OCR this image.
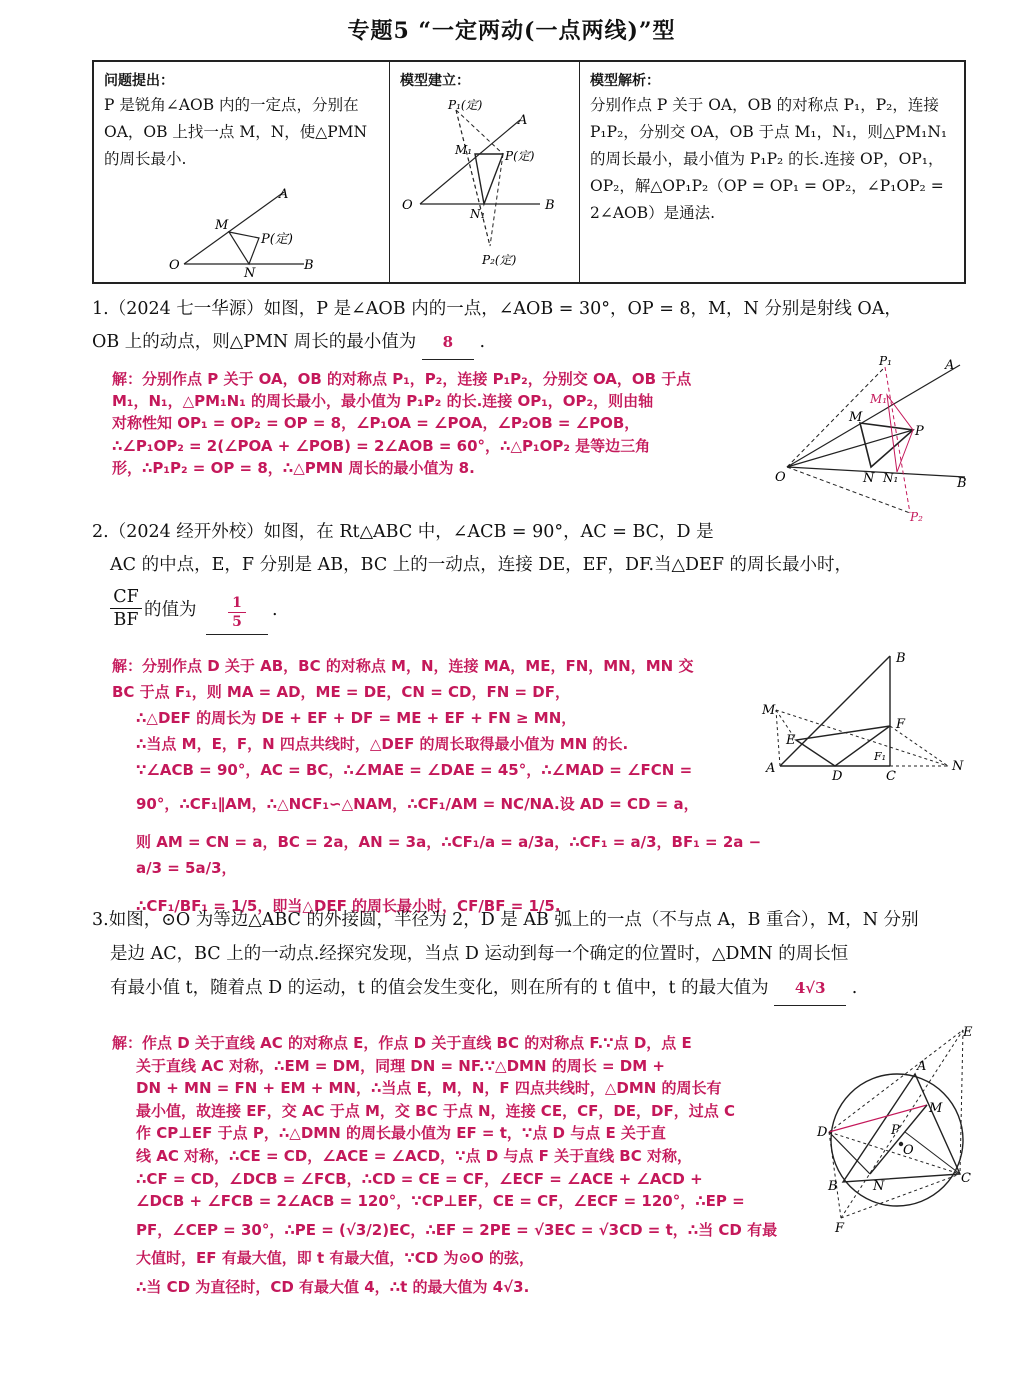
专题5 “一定两动(一点两线)”型
问题提出：
P 是锐角∠AOB 内的一定点，分别在 OA，OB 上找一点 M，N，使△PMN 的周长最小.
O
A
B
M
N
P(定)
模型建立：
O
A
B
P₁(定)
P(定)
M₁
N₁
P₂(定)
模型解析：
分别作点 P 关于 OA，OB 的对称点 P₁，P₂，连接 P₁P₂，分别交 OA，OB 于点 M₁，N₁，则△PM₁N₁ 的周长最小，最小值为 P₁P₂ 的长.连接 OP，OP₁，OP₂，解△OP₁P₂（OP = OP₁ = OP₂，∠P₁OP₂ = 2∠AOB）是通法.
1.（2024 七一华源）如图，P 是∠AOB 内的一点，∠AOB = 30°，OP = 8，M，N 分别是射线 OA，
OB 上的动点，则△PMN 周长的最小值为 8 .
解：分别作点 P 关于 OA，OB 的对称点 P₁，P₂，连接 P₁P₂，分别交 OA，OB 于点
M₁，N₁，△PM₁N₁ 的周长最小，最小值为 P₁P₂ 的长.连接 OP₁，OP₂，则由轴
对称性知 OP₁ = OP₂ = OP = 8，∠P₁OA = ∠POA，∠P₂OB = ∠POB，
∴∠P₁OP₂ = 2(∠POA + ∠POB) = 2∠AOB = 60°，∴△P₁OP₂ 是等边三角
形，∴P₁P₂ = OP = 8，∴△PMN 周长的最小值为 8.
O
A
B
P₁
P
M
M₁
N N₁
P₂
2.（2024 经开外校）如图，在 Rt△ABC 中，∠ACB = 90°，AC = BC，D 是
AC 的中点，E，F 分别是 AB，BC 上的一动点，连接 DE，EF，DF.当△DEF 的周长最小时，
$\frac{CF}{BF}$ 的值为 $\frac{1}{5}$ .
解：分别作点 D 关于 AB，BC 的对称点 M，N，连接 MA，ME，FN，MN，MN 交
BC 于点 F₁，则 MA = AD，ME = DE，CN = CD，FN = DF，
∴△DEF 的周长为 DE + EF + DF = ME + EF + FN ≥ MN，
∴当点 M，E，F，N 四点共线时，△DEF 的周长取得最小值为 MN 的长.
∵∠ACB = 90°，AC = BC，∴∠MAE = ∠DAE = 45°，∴∠MAD = ∠FCN =
90°，∴CF₁∥AM，∴△NCF₁∽△NAM，∴CF₁/AM = NC/NA.设 AD = CD = a，
则 AM = CN = a，BC = 2a，AN = 3a，∴CF₁/a = a/3a，∴CF₁ = a/3，BF₁ = 2a − a/3 = 5a/3，
∴CF₁/BF₁ = 1/5，即当△DEF 的周长最小时，CF/BF = 1/5.
A
B
C
D
E
F
F₁
M
N
3.如图，⊙O 为等边△ABC 的外接圆，半径为 2，D 是 AB 弧上的一点（不与点 A，B 重合），M，N 分别
是边 AC，BC 上的一动点.经探究发现，当点 D 运动到每一个确定的位置时，△DMN 的周长恒
有最小值 t，随着点 D 的运动，t 的值会发生变化，则在所有的 t 值中，t 的最大值为 4√3 .
解：作点 D 关于直线 AC 的对称点 E，作点 D 关于直线 BC 的对称点 F.∵点 D，点 E
关于直线 AC 对称，∴EM = DM，同理 DN = NF.∵△DMN 的周长 = DM +
DN + MN = FN + EM + MN，∴当点 E，M，N，F 四点共线时，△DMN 的周长有
最小值，故连接 EF，交 AC 于点 M，交 BC 于点 N，连接 CE，CF，DE，DF，过点 C
作 CP⊥EF 于点 P，∴△DMN 的周长最小值为 EF = t，∵点 D 与点 E 关于直
线 AC 对称，∴CE = CD，∠ACE = ∠ACD，∵点 D 与点 F 关于直线 BC 对称，
∴CF = CD，∠DCB = ∠FCB，∴CD = CE = CF，∠ECF = ∠ACE + ∠ACD +
∠DCB + ∠FCB = 2∠ACB = 120°，∵CP⊥EF，CE = CF，∠ECF = 120°，∴EP =
PF，∠CEP = 30°，∴PE = (√3/2)EC，∴EF = 2PE = √3EC = √3CD = t，∴当 CD 有最
大值时，EF 有最大值，即 t 有最大值，∵CD 为⊙O 的弦，
∴当 CD 为直径时，CD 有最大值 4，∴t 的最大值为 4√3.
A
B
C
D
E
F
M
N
P
O
